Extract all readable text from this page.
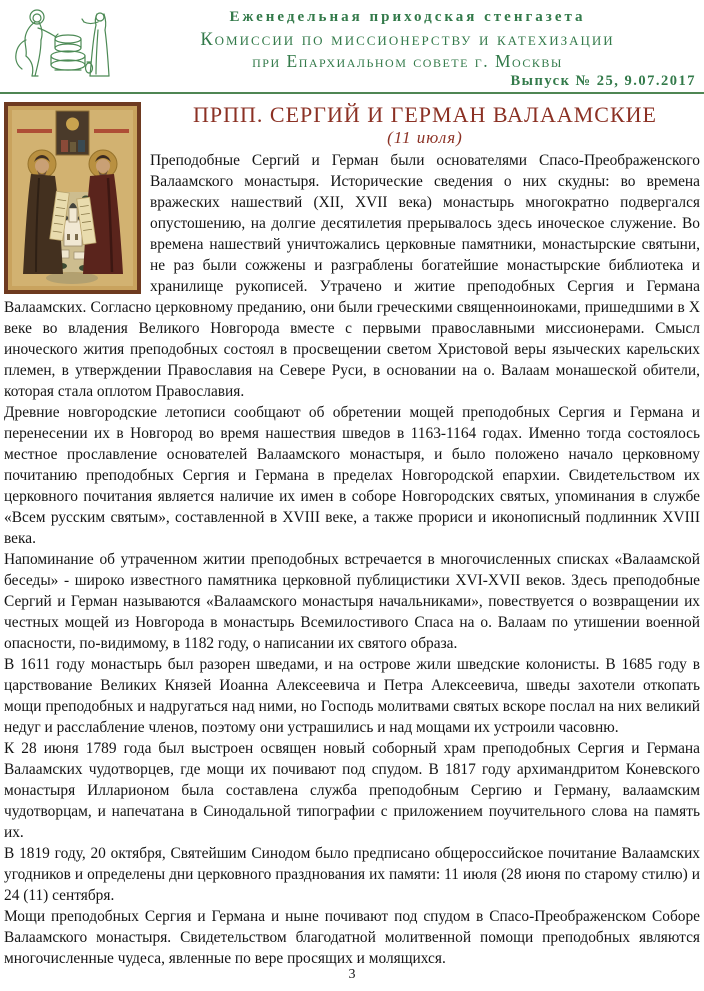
Еженедельная приходская стенгазета
Комиссии по миссионерству и катехизации
при Епархиальном совете г. Москвы
Выпуск № 25, 9.07.2017
ПРПП. СЕРГИЙ И ГЕРМАН ВАЛААМСКИЕ
(11 июля)

Преподобные Сергий и Герман были основателями Спасо-Преображенского Валаамского монастыря. Исторические сведения о них скудны: во времена вражеских нашествий (XII, XVII века) монастырь многократно подвергался опустошению, на долгие десятилетия прерывалось здесь иноческое служение. Во времена нашествий уничтожались церковные памятники, монастырские святыни, не раз были сожжены и разграблены богатейшие монастырские библиотека и хранилище рукописей. Утрачено и житие преподобных Сергия и Германа Валаамских. Согласно церковному преданию, они были греческими священноиноками, пришедшими в X веке во владения Великого Новгорода вместе с первыми православными миссионерами. Смысл иноческого жития преподобных состоял в просвещении светом Христовой веры языческих карельских племен, в утверждении Православия на Севере Руси, в основании на о. Валаам монашеской обители, которая стала оплотом Православия.

Древние новгородские летописи сообщают об обретении мощей преподобных Сергия и Германа и перенесении их в Новгород во время нашествия шведов в 1163-1164 годах. Именно тогда состоялось местное прославление основателей Валаамского монастыря, и было положено начало церковному почитанию преподобных Сергия и Германа в пределах Новгородской епархии. Свидетельством их церковного почитания является наличие их имен в соборе Новгородских святых, упоминания в службе «Всем русским святым», составленной в XVIII веке, а также прориси и иконописный подлинник XVIII века.

Напоминание об утраченном житии преподобных встречается в многочисленных списках «Валаамской беседы» - широко известного памятника церковной публицистики XVI-XVII веков. Здесь преподобные Сергий и Герман называются «Валаамского монастыря начальниками», повествуется о возвращении их честных мощей из Новгорода в монастырь Всемилостивого Спаса на о. Валаам по утишении военной опасности, по-видимому, в 1182 году, о написании их святого образа.

В 1611 году монастырь был разорен шведами, и на острове жили шведские колонисты. В 1685 году в царствование Великих Князей Иоанна Алексеевича и Петра Алексеевича, шведы захотели откопать мощи преподобных и надругаться над ними, но Господь молитвами святых вскоре послал на них великий недуг и расслабление членов, поэтому они устрашились и над мощами их устроили часовню.

К 28 июня 1789 года был выстроен освящен новый соборный храм преподобных Сергия и Германа Валаамских чудотворцев, где мощи их почивают под спудом. В 1817 году архимандритом Коневского монастыря Илларионом была составлена служба преподобным Сергию и Герману, валаамским чудотворцам, и напечатана в Синодальной типографии с приложением поучительного слова на память их.

В 1819 году, 20 октября, Святейшим Синодом было предписано общероссийское почитание Валаамских угодников и определены дни церковного празднования их памяти: 11 июля (28 июня по старому стилю) и 24 (11) сентября.

Мощи преподобных Сергия и Германа и ныне почивают под спудом в Спасо-Преображенском Соборе Валаамского монастыря. Свидетельством благодатной молитвенной помощи преподобных являются многочисленные чудеса, явленные по вере просящих и молящихся.

3
